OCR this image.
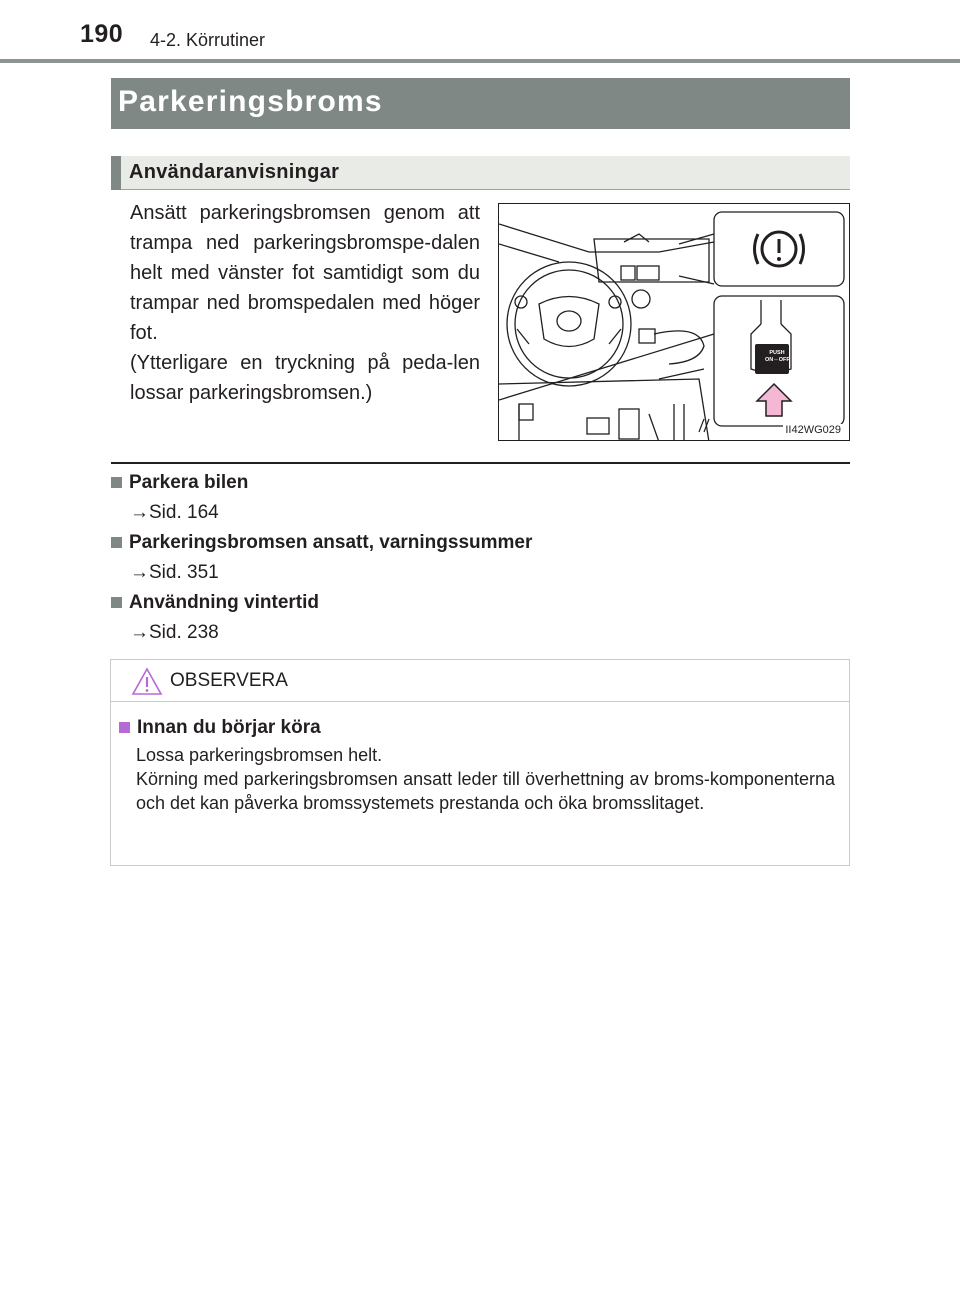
190 4-2. Körrutiner
Parkeringsbroms
Användaranvisningar

Ansätt parkeringsbromsen genom att trampa ned parkeringsbromspe-dalen helt med vänster fot samtidigt som du trampar ned bromspedalen med höger fot.

(Ytterligare en tryckning på peda-len lossar parkeringsbromsen.)

PUSH
ON⇔OFF
II42WG029
Parkera bilen
→Sid. 164
Parkeringsbromsen ansatt, varningssummer
→Sid. 351
Användning vintertid
→Sid. 238
OBSERVERA
Innan du börjar köra

Lossa parkeringsbromsen helt.

Körning med parkeringsbromsen ansatt leder till överhettning av broms-komponenterna och det kan påverka bromssystemets prestanda och öka bromsslitaget.
